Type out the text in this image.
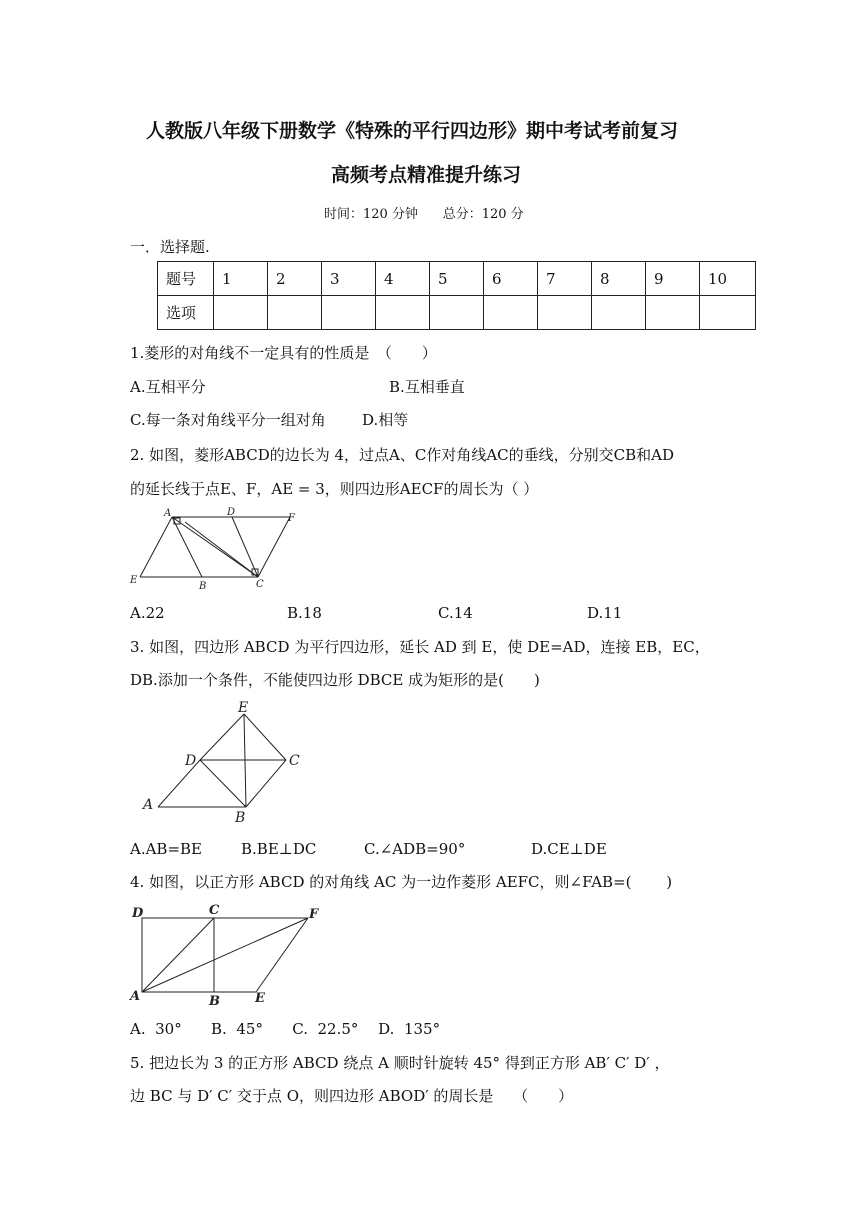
人教版八年级下册数学《特殊的平行四边形》期中考试考前复习
高频考点精准提升练习
时间：120 分钟      总分：120 分
一．选择题.
题号	1	2	3	4	5	6	7	8	9	10
选项										
1.菱形的对角线不一定具有的性质是　（　　）
A.互相平分	B.互相垂直
C.每一条对角线平分一组对角 D.相等
2. 如图，菱形ABCD的边长为 4，过点A、C作对角线AC的垂线，分别交CB和AD
的延长线于点E、F，AE = 3，则四边形AECF的周长为（ ）
A	D
F
E
B	C
A.22	B.18	C.14	D.11
3. 如图，四边形 ABCD 为平行四边形，延长 AD 到 E，使 DE=AD，连接 EB，EC，
DB.添加一个条件，不能使四边形 DBCE 成为矩形的是(　　)
E
D	C
A
B
A.AB=BE	B.BE⊥DC	C.∠ADB=90°	D.CE⊥DE
4. 如图，以正方形 ABCD 的对角线 AC 为一边作菱形 AEFC，则∠FAB=(　　 )
D	C	F
A	B	E
A.  30°　   B.  45°　   C.  22.5°　 D.  135°
5. 把边长为 3 的正方形 ABCD 绕点 A 顺时针旋转 45° 得到正方形 AB′ C′ D′ ，
边 BC 与 D′ C′ 交于点 O，则四边形 ABOD′ 的周长是　 （　　）
